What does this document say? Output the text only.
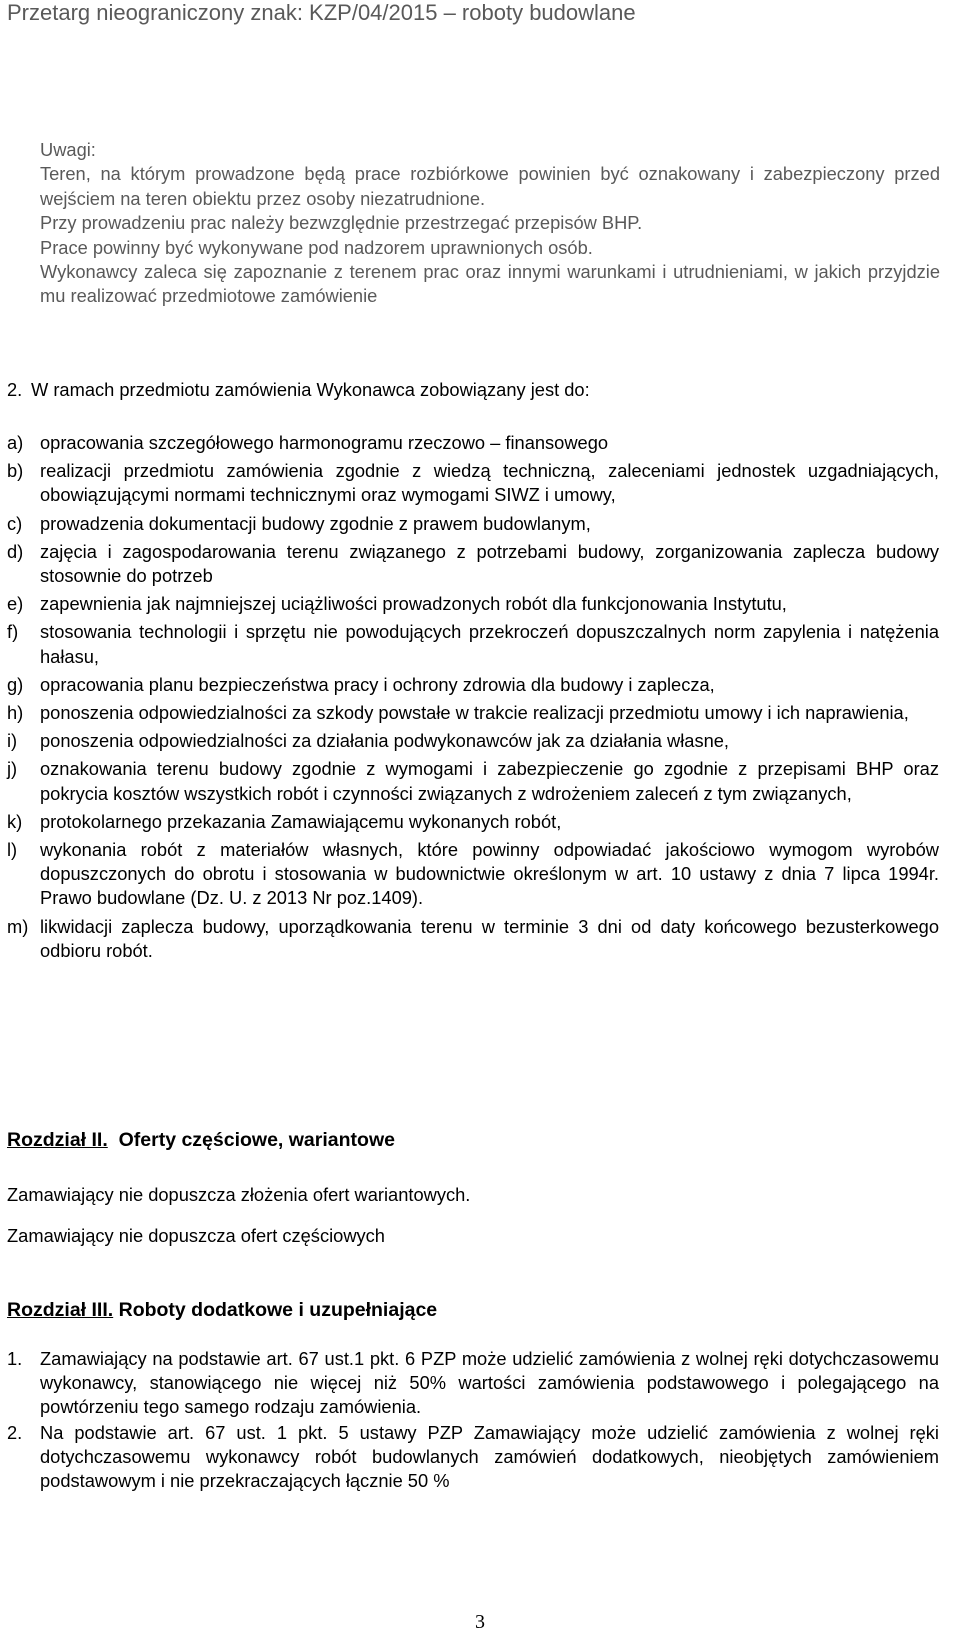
Przetarg nieograniczony znak: KZP/04/2015 – roboty budowlane

Uwagi:

Teren, na którym prowadzone będą prace rozbiórkowe powinien być oznakowany i zabezpieczony przed wejściem na teren obiektu przez osoby niezatrudnione.

Przy prowadzeniu prac należy bezwzględnie przestrzegać przepisów BHP.

Prace powinny być wykonywane pod nadzorem uprawnionych osób.

Wykonawcy zaleca się zapoznanie z terenem prac oraz innymi warunkami i utrudnieniami, w jakich przyjdzie mu realizować przedmiotowe zamówienie

2. W ramach przedmiotu zamówienia Wykonawca zobowiązany jest do:
a) opracowania szczegółowego harmonogramu rzeczowo – finansowego
b) realizacji przedmiotu zamówienia zgodnie z wiedzą techniczną, zaleceniami jednostek uzgadniających, obowiązującymi normami technicznymi oraz wymogami SIWZ i umowy,
c) prowadzenia dokumentacji budowy zgodnie z prawem budowlanym,
d) zajęcia i zagospodarowania terenu związanego z potrzebami budowy, zorganizowania zaplecza budowy stosownie do potrzeb
e) zapewnienia jak najmniejszej uciążliwości prowadzonych robót dla funkcjonowania Instytutu,
f)	stosowania technologii i sprzętu nie powodujących przekroczeń dopuszczalnych norm zapylenia i natężenia hałasu,
g) opracowania planu bezpieczeństwa pracy i ochrony zdrowia dla budowy i zaplecza,
h) ponoszenia odpowiedzialności za szkody powstałe w trakcie realizacji przedmiotu umowy i ich naprawienia,
i)	ponoszenia odpowiedzialności za działania podwykonawców jak za działania własne,
j)	oznakowania terenu budowy zgodnie z wymogami i zabezpieczenie go zgodnie z przepisami BHP oraz pokrycia kosztów wszystkich robót i czynności związanych z wdrożeniem zaleceń z tym związanych,
k) protokolarnego przekazania Zamawiającemu wykonanych robót,
l)	wykonania robót z materiałów własnych, które powinny odpowiadać jakościowo wymogom wyrobów dopuszczonych do obrotu i stosowania w budownictwie określonym w art. 10 ustawy z dnia 7 lipca 1994r. Prawo budowlane (Dz. U. z 2013 Nr poz.1409).
m) likwidacji zaplecza budowy, uporządkowania terenu w terminie 3 dni od daty końcowego bezusterkowego odbioru robót.
Rozdział II. Oferty częściowe, wariantowe
Zamawiający nie dopuszcza złożenia ofert wariantowych.
Zamawiający nie dopuszcza ofert częściowych
Rozdział III. Roboty dodatkowe i uzupełniające
1. Zamawiający na podstawie art. 67 ust.1 pkt. 6 PZP może udzielić zamówienia z wolnej ręki dotychczasowemu wykonawcy, stanowiącego nie więcej niż 50% wartości zamówienia podstawowego i polegającego na powtórzeniu tego samego rodzaju zamówienia.
2. Na podstawie art. 67 ust. 1 pkt. 5 ustawy PZP Zamawiający może udzielić zamówienia z wolnej ręki dotychczasowemu wykonawcy robót budowlanych zamówień dodatkowych, nieobjętych zamówieniem podstawowym i nie przekraczających łącznie 50 %
3
